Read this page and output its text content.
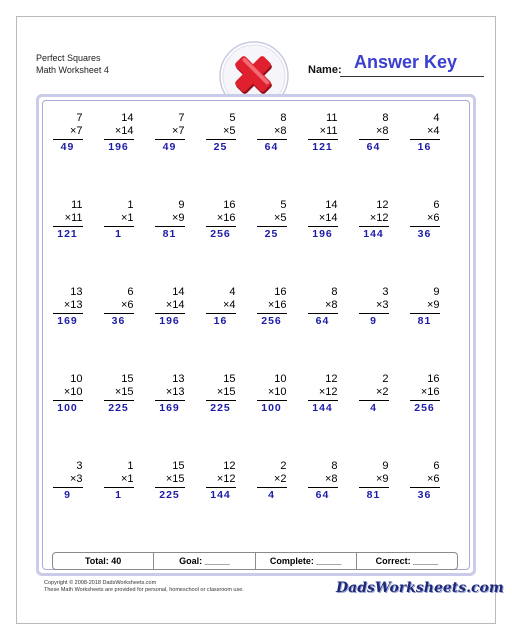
Perfect Squares
Math Worksheet 4	Name: Answer Key
7
×7
49
14
×14
196
7
×7
49
5
×5
25
8
×8
64
11
×11
121
8
×8
64
4
×4
16
11
×11
121
1
×1
1
9
×9
81
16
×16
256
5
×5
25
14
×14
196
12
×12
144
6
×6
36
13
×13
169
6
×6
36
14
×14
196
4
×4
16
16
×16
256
8
×8
64
3
×3
9
9
×9
81
10
×10
100
15
×15
225
13
×13
169
15
×15
225
10
×10
100
12
×12
144
2
×2
4
16
×16
256
3
×3
9
1
×1
1
15
×15
225
12
×12
144
2
×2
4
8
×8
64
9
×9
81
6
×6
36
Total: 40	Goal: _____	Complete: _____	Correct: _____
Copyright © 2008-2018 DadsWorksheets.com
These Math Worksheets are provided for personal, homeschool or classroom use.	DadsWorksheets.com
